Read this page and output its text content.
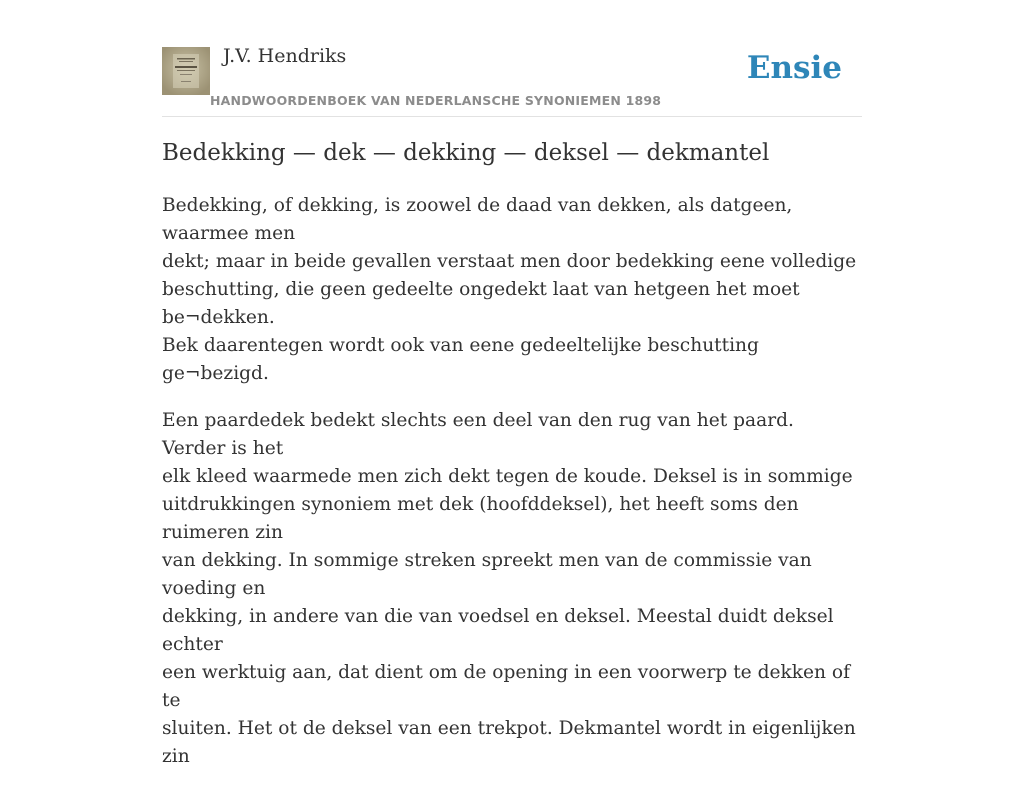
J.V. Hendriks
HANDWOORDENBOEK VAN NEDERLANSCHE SYNONIEMEN 1898
Ensie
Bedekking — dek — dekking — deksel — dekmantel

Bedekking, of dekking, is zoowel de daad van dekken, als datgeen, waarmee men
dekt; maar in beide gevallen verstaat men door bedekking eene volledige
beschutting, die geen gedeelte ongedekt laat van hetgeen het moet be¬dekken.
Bek daarentegen wordt ook van eene gedeeltelijke beschutting ge¬bezigd.

Een paardedek bedekt slechts een deel van den rug van het paard. Verder is het
elk kleed waarmede men zich dekt tegen de koude. Deksel is in sommige
uitdrukkingen synoniem met dek (hoofddeksel), het heeft soms den ruimeren zin
van dekking. In sommige streken spreekt men van de commissie van voeding en
dekking, in andere van die van voedsel en deksel. Meestal duidt deksel echter
een werktuig aan, dat dient om de opening in een voorwerp te dekken of te
sluiten. Het ot de deksel van een trekpot. Dekmantel wordt in eigenlijken zin
